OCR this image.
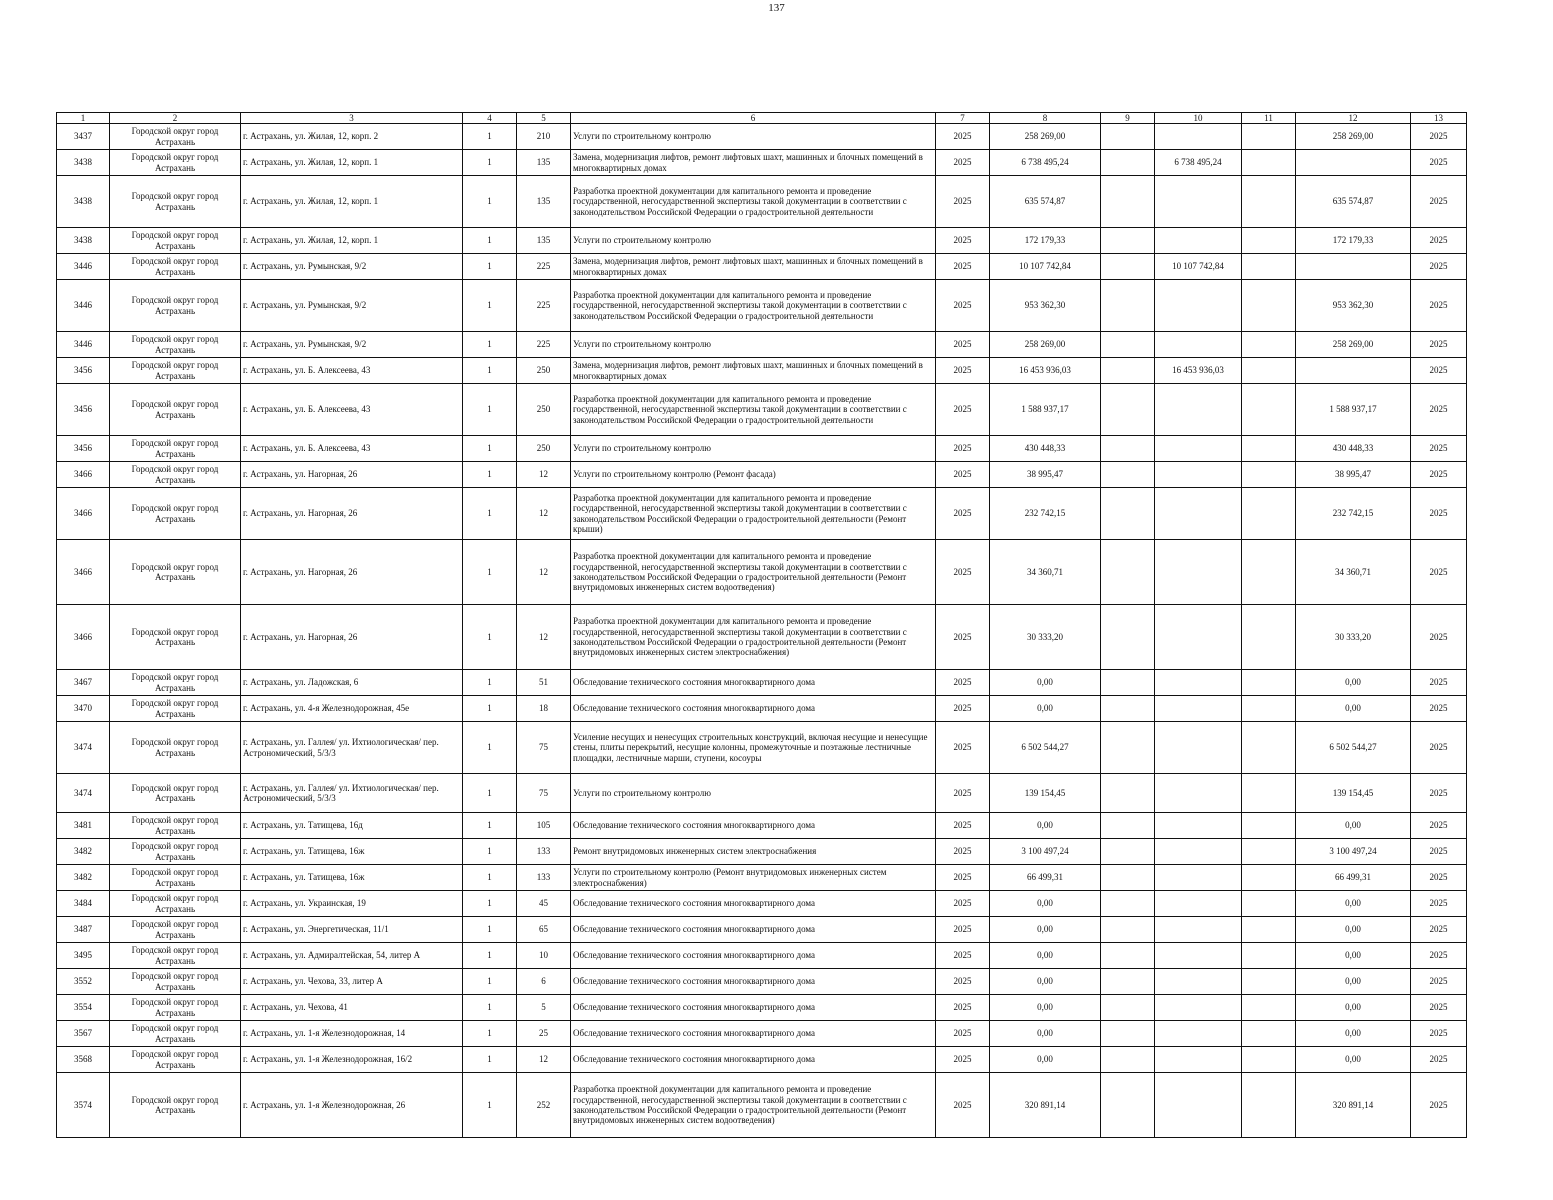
137
1	2	3	4	5	6	7	8	9	10	11	12	13
3437	Городской округ город Астрахань	г. Астрахань, ул. Жилая, 12, корп. 2	1	210	Услуги по строительному контролю	2025	258 269,00				258 269,00	2025
3438	Городской округ город Астрахань	г. Астрахань, ул. Жилая, 12, корп. 1	1	135	Замена, модернизация лифтов, ремонт лифтовых шахт, машинных и блочных помещений в многоквартирных домах	2025	6 738 495,24		6 738 495,24			2025
3438	Городской округ город Астрахань	г. Астрахань, ул. Жилая, 12, корп. 1	1	135	Разработка проектной документации для капитального ремонта и проведение государственной, негосударственной экспертизы такой документации в соответствии с законодательством Российской Федерации о градостроительной деятельности	2025	635 574,87				635 574,87	2025
3438	Городской округ город Астрахань	г. Астрахань, ул. Жилая, 12, корп. 1	1	135	Услуги по строительному контролю	2025	172 179,33				172 179,33	2025
3446	Городской округ город Астрахань	г. Астрахань, ул. Румынская, 9/2	1	225	Замена, модернизация лифтов, ремонт лифтовых шахт, машинных и блочных помещений в многоквартирных домах	2025	10 107 742,84		10 107 742,84			2025
3446	Городской округ город Астрахань	г. Астрахань, ул. Румынская, 9/2	1	225	Разработка проектной документации для капитального ремонта и проведение государственной, негосударственной экспертизы такой документации в соответствии с законодательством Российской Федерации о градостроительной деятельности	2025	953 362,30				953 362,30	2025
3446	Городской округ город Астрахань	г. Астрахань, ул. Румынская, 9/2	1	225	Услуги по строительному контролю	2025	258 269,00				258 269,00	2025
3456	Городской округ город Астрахань	г. Астрахань, ул. Б. Алексеева, 43	1	250	Замена, модернизация лифтов, ремонт лифтовых шахт, машинных и блочных помещений в многоквартирных домах	2025	16 453 936,03		16 453 936,03			2025
3456	Городской округ город Астрахань	г. Астрахань, ул. Б. Алексеева, 43	1	250	Разработка проектной документации для капитального ремонта и проведение государственной, негосударственной экспертизы такой документации в соответствии с законодательством Российской Федерации о градостроительной деятельности	2025	1 588 937,17				1 588 937,17	2025
3456	Городской округ город Астрахань	г. Астрахань, ул. Б. Алексеева, 43	1	250	Услуги по строительному контролю	2025	430 448,33				430 448,33	2025
3466	Городской округ город Астрахань	г. Астрахань, ул. Нагорная, 26	1	12	Услуги по строительному контролю (Ремонт фасада)	2025	38 995,47				38 995,47	2025
3466	Городской округ город Астрахань	г. Астрахань, ул. Нагорная, 26	1	12	Разработка проектной документации для капитального ремонта и проведение государственной, негосударственной экспертизы такой документации в соответствии с законодательством Российской Федерации о градостроительной деятельности (Ремонт крыши)	2025	232 742,15				232 742,15	2025
3466	Городской округ город Астрахань	г. Астрахань, ул. Нагорная, 26	1	12	Разработка проектной документации для капитального ремонта и проведение государственной, негосударственной экспертизы такой документации в соответствии с законодательством Российской Федерации о градостроительной деятельности (Ремонт внутридомовых инженерных систем водоотведения)	2025	34 360,71				34 360,71	2025
3466	Городской округ город Астрахань	г. Астрахань, ул. Нагорная, 26	1	12	Разработка проектной документации для капитального ремонта и проведение государственной, негосударственной экспертизы такой документации в соответствии с законодательством Российской Федерации о градостроительной деятельности (Ремонт внутридомовых инженерных систем электроснабжения)	2025	30 333,20				30 333,20	2025
3467	Городской округ город Астрахань	г. Астрахань, ул. Ладожская, 6	1	51	Обследование технического состояния многоквартирного дома	2025	0,00				0,00	2025
3470	Городской округ город Астрахань	г. Астрахань, ул. 4-я Железнодорожная, 45е	1	18	Обследование технического состояния многоквартирного дома	2025	0,00				0,00	2025
3474	Городской округ город Астрахань	г. Астрахань, ул. Галлея/ ул. Ихтиологическая/ пер. Астрономический, 5/3/3	1	75	Усиление несущих и ненесущих строительных конструкций, включая несущие и ненесущие стены, плиты перекрытий, несущие колонны, промежуточные и поэтажные лестничные площадки, лестничные марши, ступени, косоуры	2025	6 502 544,27				6 502 544,27	2025
3474	Городской округ город Астрахань	г. Астрахань, ул. Галлея/ ул. Ихтиологическая/ пер. Астрономический, 5/3/3	1	75	Услуги по строительному контролю	2025	139 154,45				139 154,45	2025
3481	Городской округ город Астрахань	г. Астрахань, ул. Татищева, 16д	1	105	Обследование технического состояния многоквартирного дома	2025	0,00				0,00	2025
3482	Городской округ город Астрахань	г. Астрахань, ул. Татищева, 16ж	1	133	Ремонт внутридомовых инженерных систем электроснабжения	2025	3 100 497,24				3 100 497,24	2025
3482	Городской округ город Астрахань	г. Астрахань, ул. Татищева, 16ж	1	133	Услуги по строительному контролю (Ремонт внутридомовых инженерных систем электроснабжения)	2025	66 499,31				66 499,31	2025
3484	Городской округ город Астрахань	г. Астрахань, ул. Украинская, 19	1	45	Обследование технического состояния многоквартирного дома	2025	0,00				0,00	2025
3487	Городской округ город Астрахань	г. Астрахань, ул. Энергетическая, 11/1	1	65	Обследование технического состояния многоквартирного дома	2025	0,00				0,00	2025
3495	Городской округ город Астрахань	г. Астрахань, ул. Адмиралтейская, 54, литер А	1	10	Обследование технического состояния многоквартирного дома	2025	0,00				0,00	2025
3552	Городской округ город Астрахань	г. Астрахань, ул. Чехова, 33, литер А	1	6	Обследование технического состояния многоквартирного дома	2025	0,00				0,00	2025
3554	Городской округ город Астрахань	г. Астрахань, ул. Чехова, 41	1	5	Обследование технического состояния многоквартирного дома	2025	0,00				0,00	2025
3567	Городской округ город Астрахань	г. Астрахань, ул. 1-я Железнодорожная, 14	1	25	Обследование технического состояния многоквартирного дома	2025	0,00				0,00	2025
3568	Городской округ город Астрахань	г. Астрахань, ул. 1-я Железнодорожная, 16/2	1	12	Обследование технического состояния многоквартирного дома	2025	0,00				0,00	2025
3574	Городской округ город Астрахань	г. Астрахань, ул. 1-я Железнодорожная, 26	1	252	Разработка проектной документации для капитального ремонта и проведение государственной, негосударственной экспертизы такой документации в соответствии с законодательством Российской Федерации о градостроительной деятельности (Ремонт внутридомовых инженерных систем водоотведения)	2025	320 891,14				320 891,14	2025
